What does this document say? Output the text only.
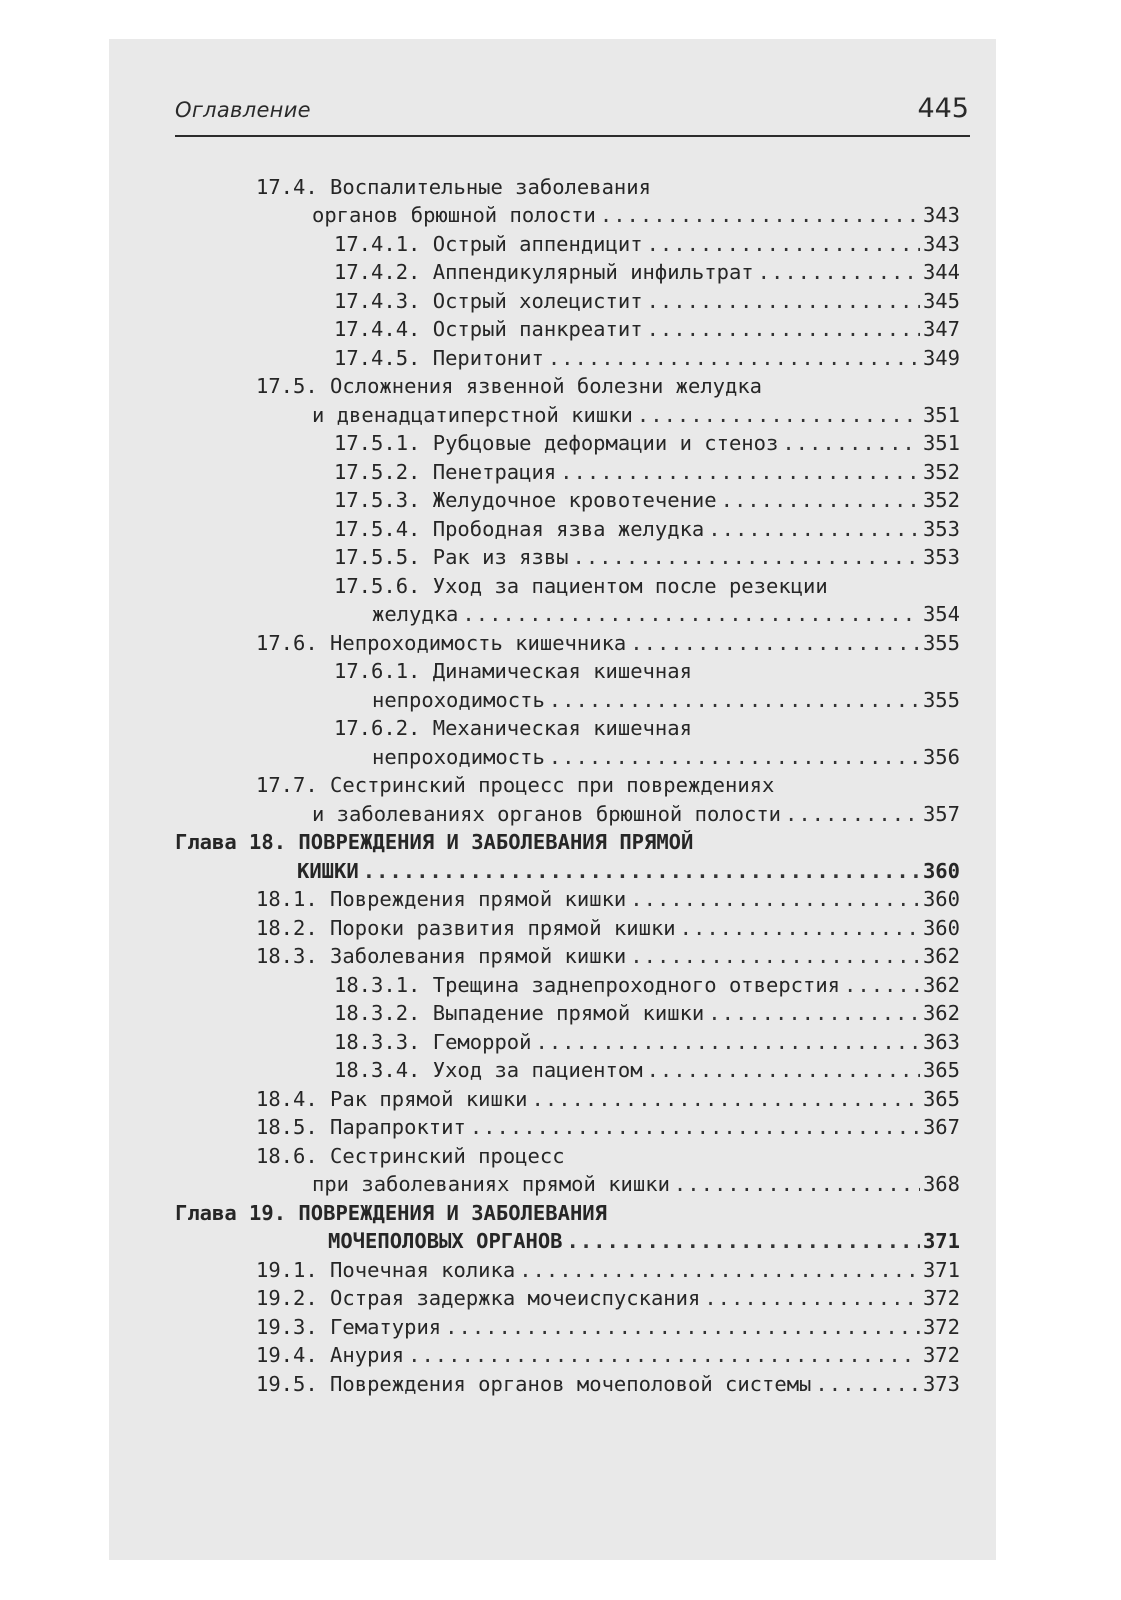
Оглавление	445
17.4. Воспалительные заболевания
органов брюшной полости .....	343
17.4.1. Острый аппендицит .....	343
17.4.2. Аппендикулярный инфильтрат .....	344
17.4.3. Острый холецистит .....	345
17.4.4. Острый панкреатит .....	347
17.4.5. Перитонит .....	349
17.5. Осложнения язвенной болезни желудка
и двенадцатиперстной кишки .....	351
17.5.1. Рубцовые деформации и стеноз .....	351
17.5.2. Пенетрация .....	352
17.5.3. Желудочное кровотечение .....	352
17.5.4. Прободная язва желудка .....	353
17.5.5. Рак из язвы .....	353
17.5.6. Уход за пациентом после резекции
желудка .....	354
17.6. Непроходимость кишечника .....	355
17.6.1. Динамическая кишечная
непроходимость .....	355
17.6.2. Механическая кишечная
непроходимость .....	356
17.7. Сестринский процесс при повреждениях
и заболеваниях органов брюшной полости .....	357
Глава 18. ПОВРЕЖДЕНИЯ И ЗАБОЛЕВАНИЯ ПРЯМОЙ
КИШКИ .....	360
18.1. Повреждения прямой кишки .....	360
18.2. Пороки развития прямой кишки .....	360
18.3. Заболевания прямой кишки .....	362
18.3.1. Трещина заднепроходного отверстия .....	362
18.3.2. Выпадение прямой кишки .....	362
18.3.3. Геморрой .....	363
18.3.4. Уход за пациентом .....	365
18.4. Рак прямой кишки .....	365
18.5. Парапроктит .....	367
18.6. Сестринский процесс
при заболеваниях прямой кишки .....	368
Глава 19. ПОВРЕЖДЕНИЯ И ЗАБОЛЕВАНИЯ
МОЧЕПОЛОВЫХ ОРГАНОВ .....	371
19.1. Почечная колика .....	371
19.2. Острая задержка мочеиспускания .....	372
19.3. Гематурия .....	372
19.4. Анурия .....	372
19.5. Повреждения органов мочеполовой системы .....	373
